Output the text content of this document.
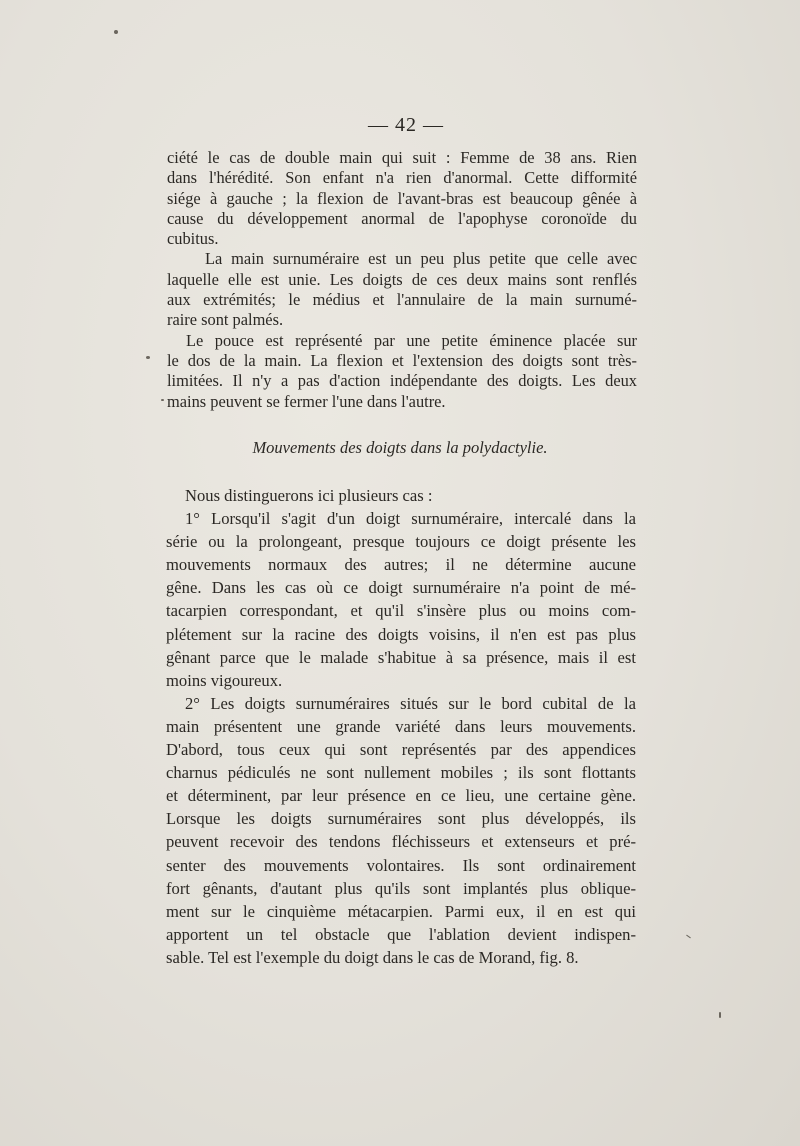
— 42 —

ciété le cas de double main qui suit : Femme de 38 ans. Rien
dans l'hérédité. Son enfant n'a rien d'anormal. Cette difformité
siége à gauche ; la flexion de l'avant-bras est beaucoup gênée à
cause du développement anormal de l'apophyse coronoïde du
cubitus.

La main surnuméraire est un peu plus petite que celle avec
laquelle elle est unie. Les doigts de ces deux mains sont renflés
aux extrémités; le médius et l'annulaire de la main surnumé-
raire sont palmés.

Le pouce est représenté par une petite éminence placée sur
le dos de la main. La flexion et l'extension des doigts sont très-
limitées. Il n'y a pas d'action indépendante des doigts. Les deux
mains peuvent se fermer l'une dans l'autre.

Mouvements des doigts dans la polydactylie.

Nous distinguerons ici plusieurs cas :

1° Lorsqu'il s'agit d'un doigt surnuméraire, intercalé dans la
série ou la prolongeant, presque toujours ce doigt présente les
mouvements normaux des autres; il ne détermine aucune
gêne. Dans les cas où ce doigt surnuméraire n'a point de mé-
tacarpien correspondant, et qu'il s'insère plus ou moins com-
plétement sur la racine des doigts voisins, il n'en est pas plus
gênant parce que le malade s'habitue à sa présence, mais il est
moins vigoureux.

2° Les doigts surnuméraires situés sur le bord cubital de la
main présentent une grande variété dans leurs mouvements.
D'abord, tous ceux qui sont représentés par des appendices
charnus pédiculés ne sont nullement mobiles ; ils sont flottants
et déterminent, par leur présence en ce lieu, une certaine gène.
Lorsque les doigts surnuméraires sont plus développés, ils
peuvent recevoir des tendons fléchisseurs et extenseurs et pré-
senter des mouvements volontaires. Ils sont ordinairement
fort gênants, d'autant plus qu'ils sont implantés plus oblique-
ment sur le cinquième métacarpien. Parmi eux, il en est qui
apportent un tel obstacle que l'ablation devient indispen-
sable. Tel est l'exemple du doigt dans le cas de Morand, fig. 8.
